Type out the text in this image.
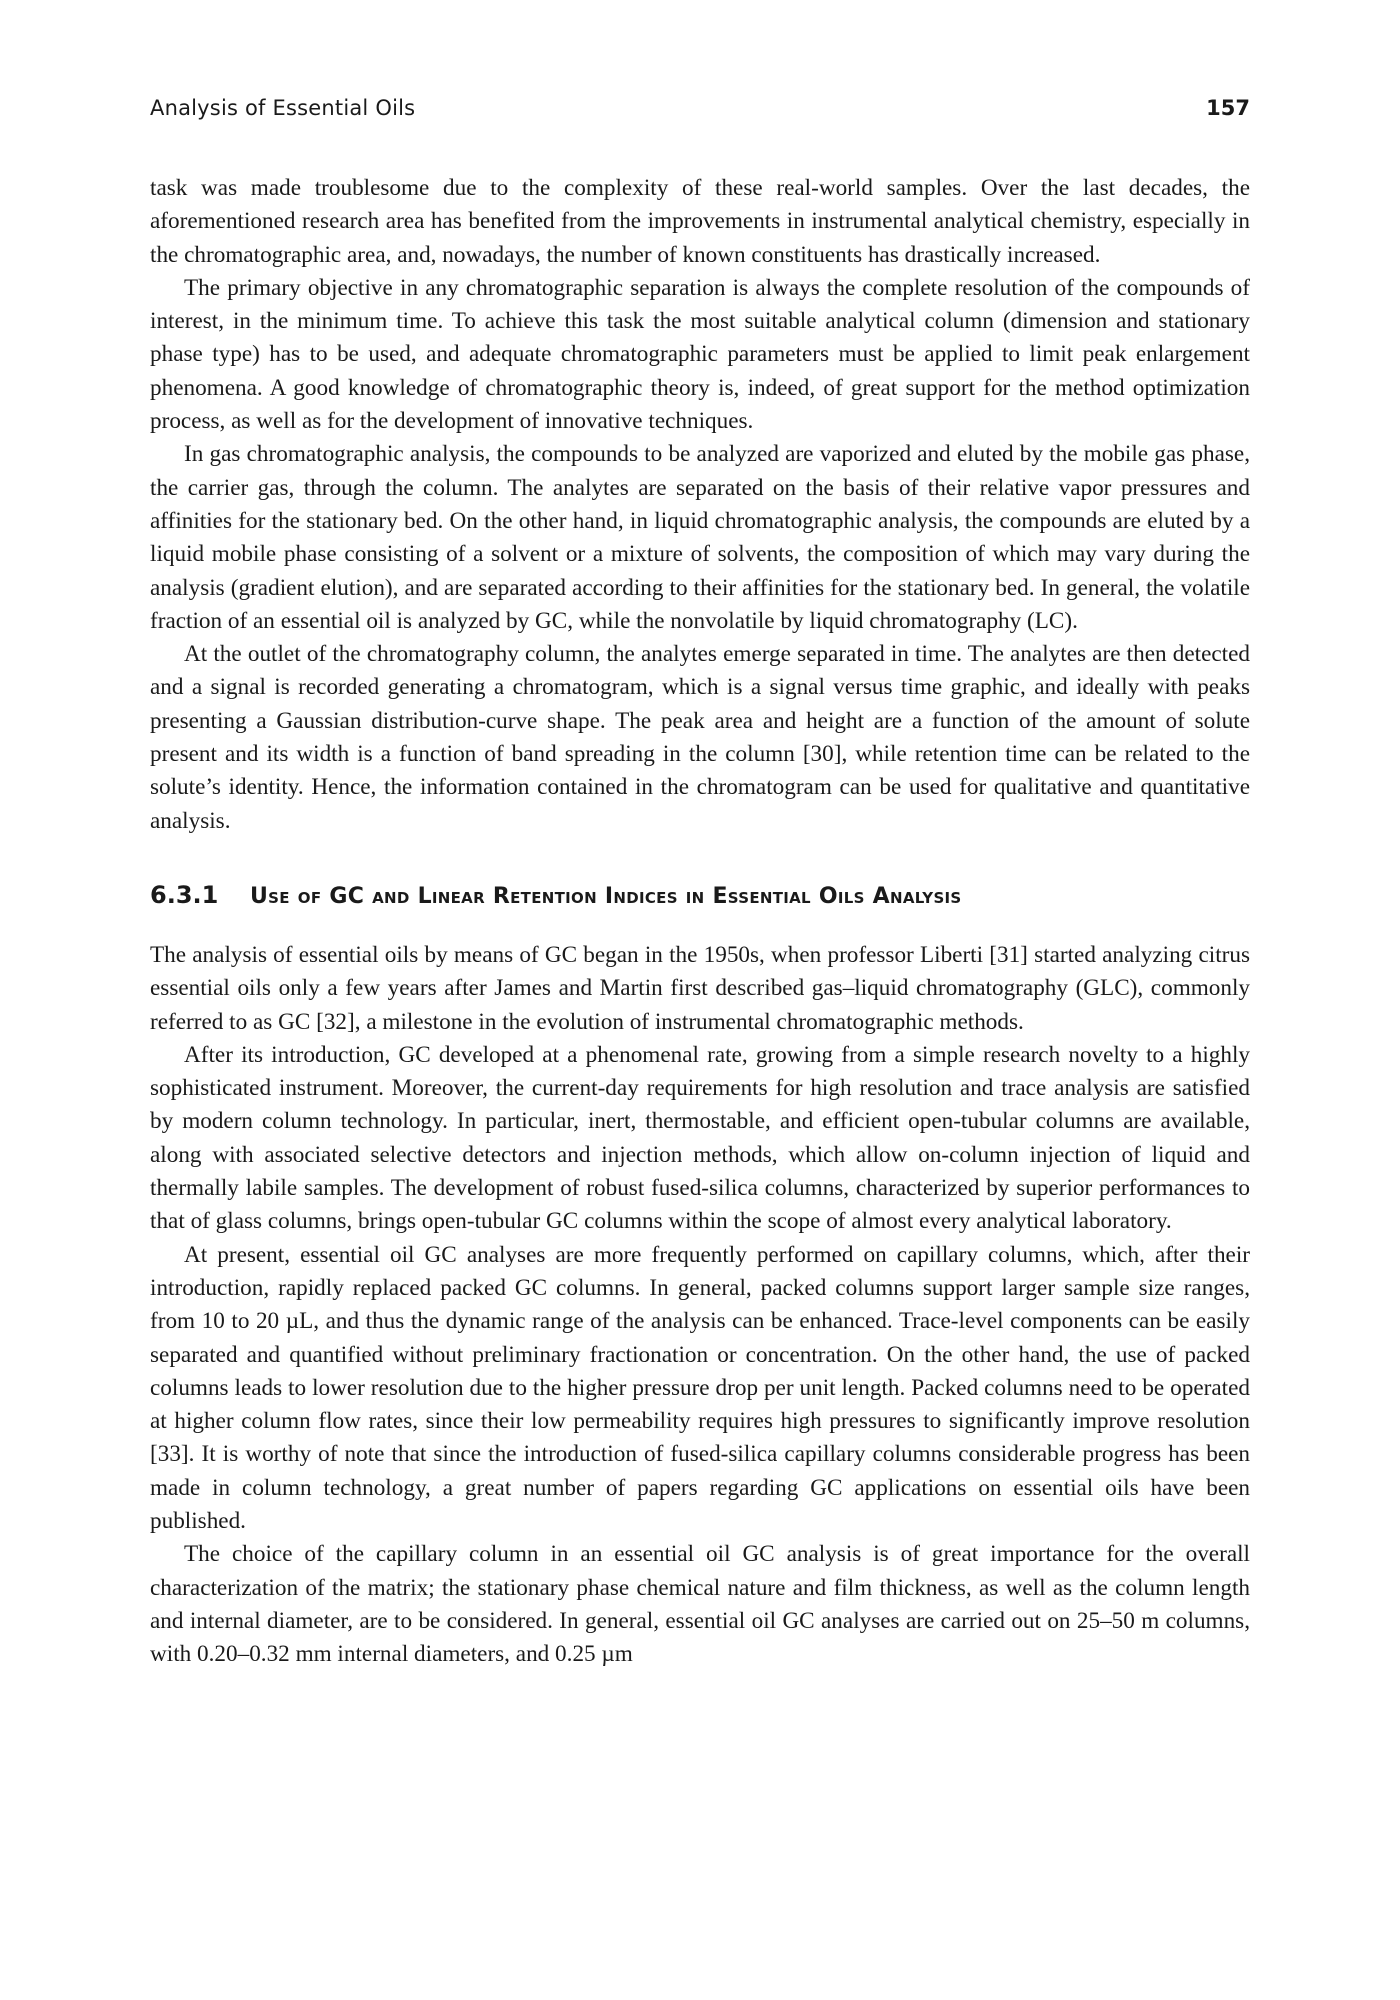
Analysis of Essential Oils	157

task was made troublesome due to the complexity of these real-world samples. Over the last decades, the aforementioned research area has benefited from the improvements in instrumental analytical chemistry, especially in the chromatographic area, and, nowadays, the number of known constituents has drastically increased.

The primary objective in any chromatographic separation is always the complete resolution of the compounds of interest, in the minimum time. To achieve this task the most suitable analytical column (dimension and stationary phase type) has to be used, and adequate chromatographic parameters must be applied to limit peak enlargement phenomena. A good knowledge of chromatographic theory is, indeed, of great support for the method optimization process, as well as for the development of innovative techniques.

In gas chromatographic analysis, the compounds to be analyzed are vaporized and eluted by the mobile gas phase, the carrier gas, through the column. The analytes are separated on the basis of their relative vapor pressures and affinities for the stationary bed. On the other hand, in liquid chromatographic analysis, the compounds are eluted by a liquid mobile phase consisting of a solvent or a mixture of solvents, the composition of which may vary during the analysis (gradient elution), and are separated according to their affinities for the stationary bed. In general, the volatile fraction of an essential oil is analyzed by GC, while the nonvolatile by liquid chromatography (LC).

At the outlet of the chromatography column, the analytes emerge separated in time. The analytes are then detected and a signal is recorded generating a chromatogram, which is a signal versus time graphic, and ideally with peaks presenting a Gaussian distribution-curve shape. The peak area and height are a function of the amount of solute present and its width is a function of band spreading in the column [30], while retention time can be related to the solute’s identity. Hence, the information contained in the chromatogram can be used for qualitative and quantitative analysis.

6.3.1	Use of GC and Linear Retention Indices in Essential Oils Analysis

The analysis of essential oils by means of GC began in the 1950s, when professor Liberti [31] started analyzing citrus essential oils only a few years after James and Martin first described gas–liquid chromatography (GLC), commonly referred to as GC [32], a milestone in the evolution of instrumental chromatographic methods.

After its introduction, GC developed at a phenomenal rate, growing from a simple research novelty to a highly sophisticated instrument. Moreover, the current-day requirements for high resolution and trace analysis are satisfied by modern column technology. In particular, inert, thermostable, and efficient open-tubular columns are available, along with associated selective detectors and injection methods, which allow on-column injection of liquid and thermally labile samples. The development of robust fused-silica columns, characterized by superior performances to that of glass columns, brings open-tubular GC columns within the scope of almost every analytical laboratory.

At present, essential oil GC analyses are more frequently performed on capillary columns, which, after their introduction, rapidly replaced packed GC columns. In general, packed columns support larger sample size ranges, from 10 to 20 µL, and thus the dynamic range of the analysis can be enhanced. Trace-level components can be easily separated and quantified without preliminary fractionation or concentration. On the other hand, the use of packed columns leads to lower resolution due to the higher pressure drop per unit length. Packed columns need to be operated at higher column flow rates, since their low permeability requires high pressures to significantly improve resolution [33]. It is worthy of note that since the introduction of fused-silica capillary columns considerable progress has been made in column technology, a great number of papers regarding GC applications on essential oils have been published.

The choice of the capillary column in an essential oil GC analysis is of great importance for the overall characterization of the matrix; the stationary phase chemical nature and film thickness, as well as the column length and internal diameter, are to be considered. In general, essential oil GC analyses are carried out on 25–50 m columns, with 0.20–0.32 mm internal diameters, and 0.25 µm
